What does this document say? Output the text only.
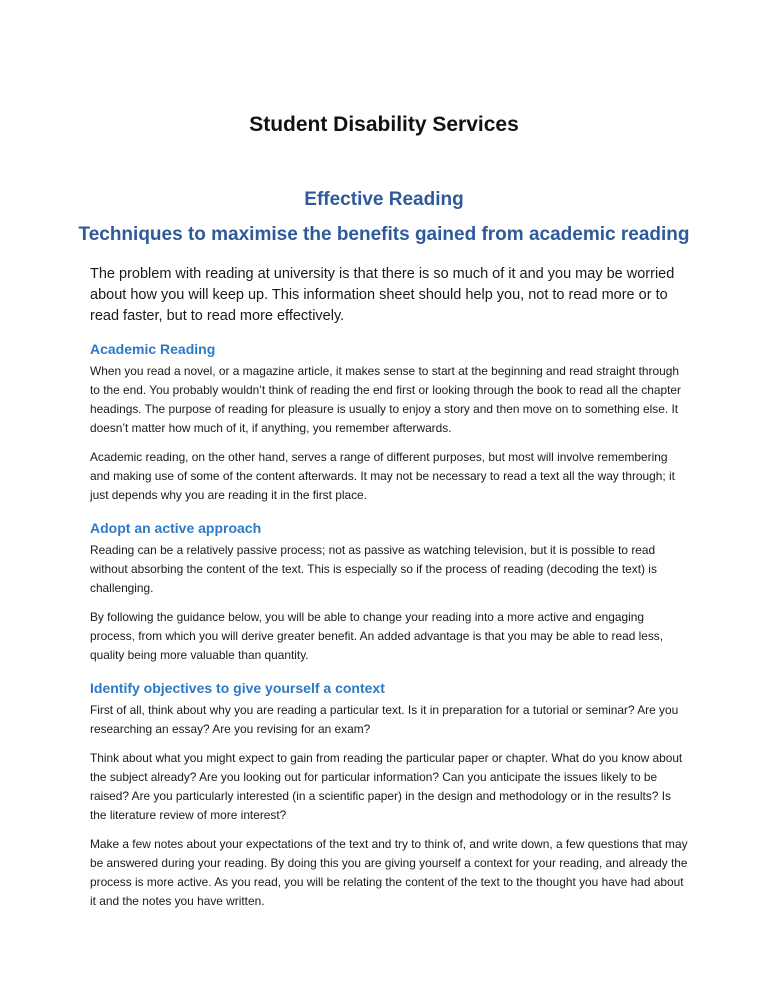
Student Disability Services
Effective Reading
Techniques to maximise the benefits gained from academic reading

The problem with reading at university is that there is so much of it and you may be worried about how you will keep up. This information sheet should help you, not to read more or to read faster, but to read more effectively.

Academic Reading

When you read a novel, or a magazine article, it makes sense to start at the beginning and read straight through to the end. You probably wouldn’t think of reading the end first or looking through the book to read all the chapter headings. The purpose of reading for pleasure is usually to enjoy a story and then move on to something else. It doesn’t matter how much of it, if anything, you remember afterwards.

Academic reading, on the other hand, serves a range of different purposes, but most will involve remembering and making use of some of the content afterwards. It may not be necessary to read a text all the way through; it just depends why you are reading it in the first place.

Adopt an active approach

Reading can be a relatively passive process; not as passive as watching television, but it is possible to read without absorbing the content of the text. This is especially so if the process of reading (decoding the text) is challenging.

By following the guidance below, you will be able to change your reading into a more active and engaging process, from which you will derive greater benefit. An added advantage is that you may be able to read less, quality being more valuable than quantity.

Identify objectives to give yourself a context

First of all, think about why you are reading a particular text. Is it in preparation for a tutorial or seminar? Are you researching an essay? Are you revising for an exam?

Think about what you might expect to gain from reading the particular paper or chapter. What do you know about the subject already? Are you looking out for particular information? Can you anticipate the issues likely to be raised? Are you particularly interested (in a scientific paper) in the design and methodology or in the results? Is the literature review of more interest?

Make a few notes about your expectations of the text and try to think of, and write down, a few questions that may be answered during your reading. By doing this you are giving yourself a context for your reading, and already the process is more active. As you read, you will be relating the content of the text to the thought you have had about it and the notes you have written.
